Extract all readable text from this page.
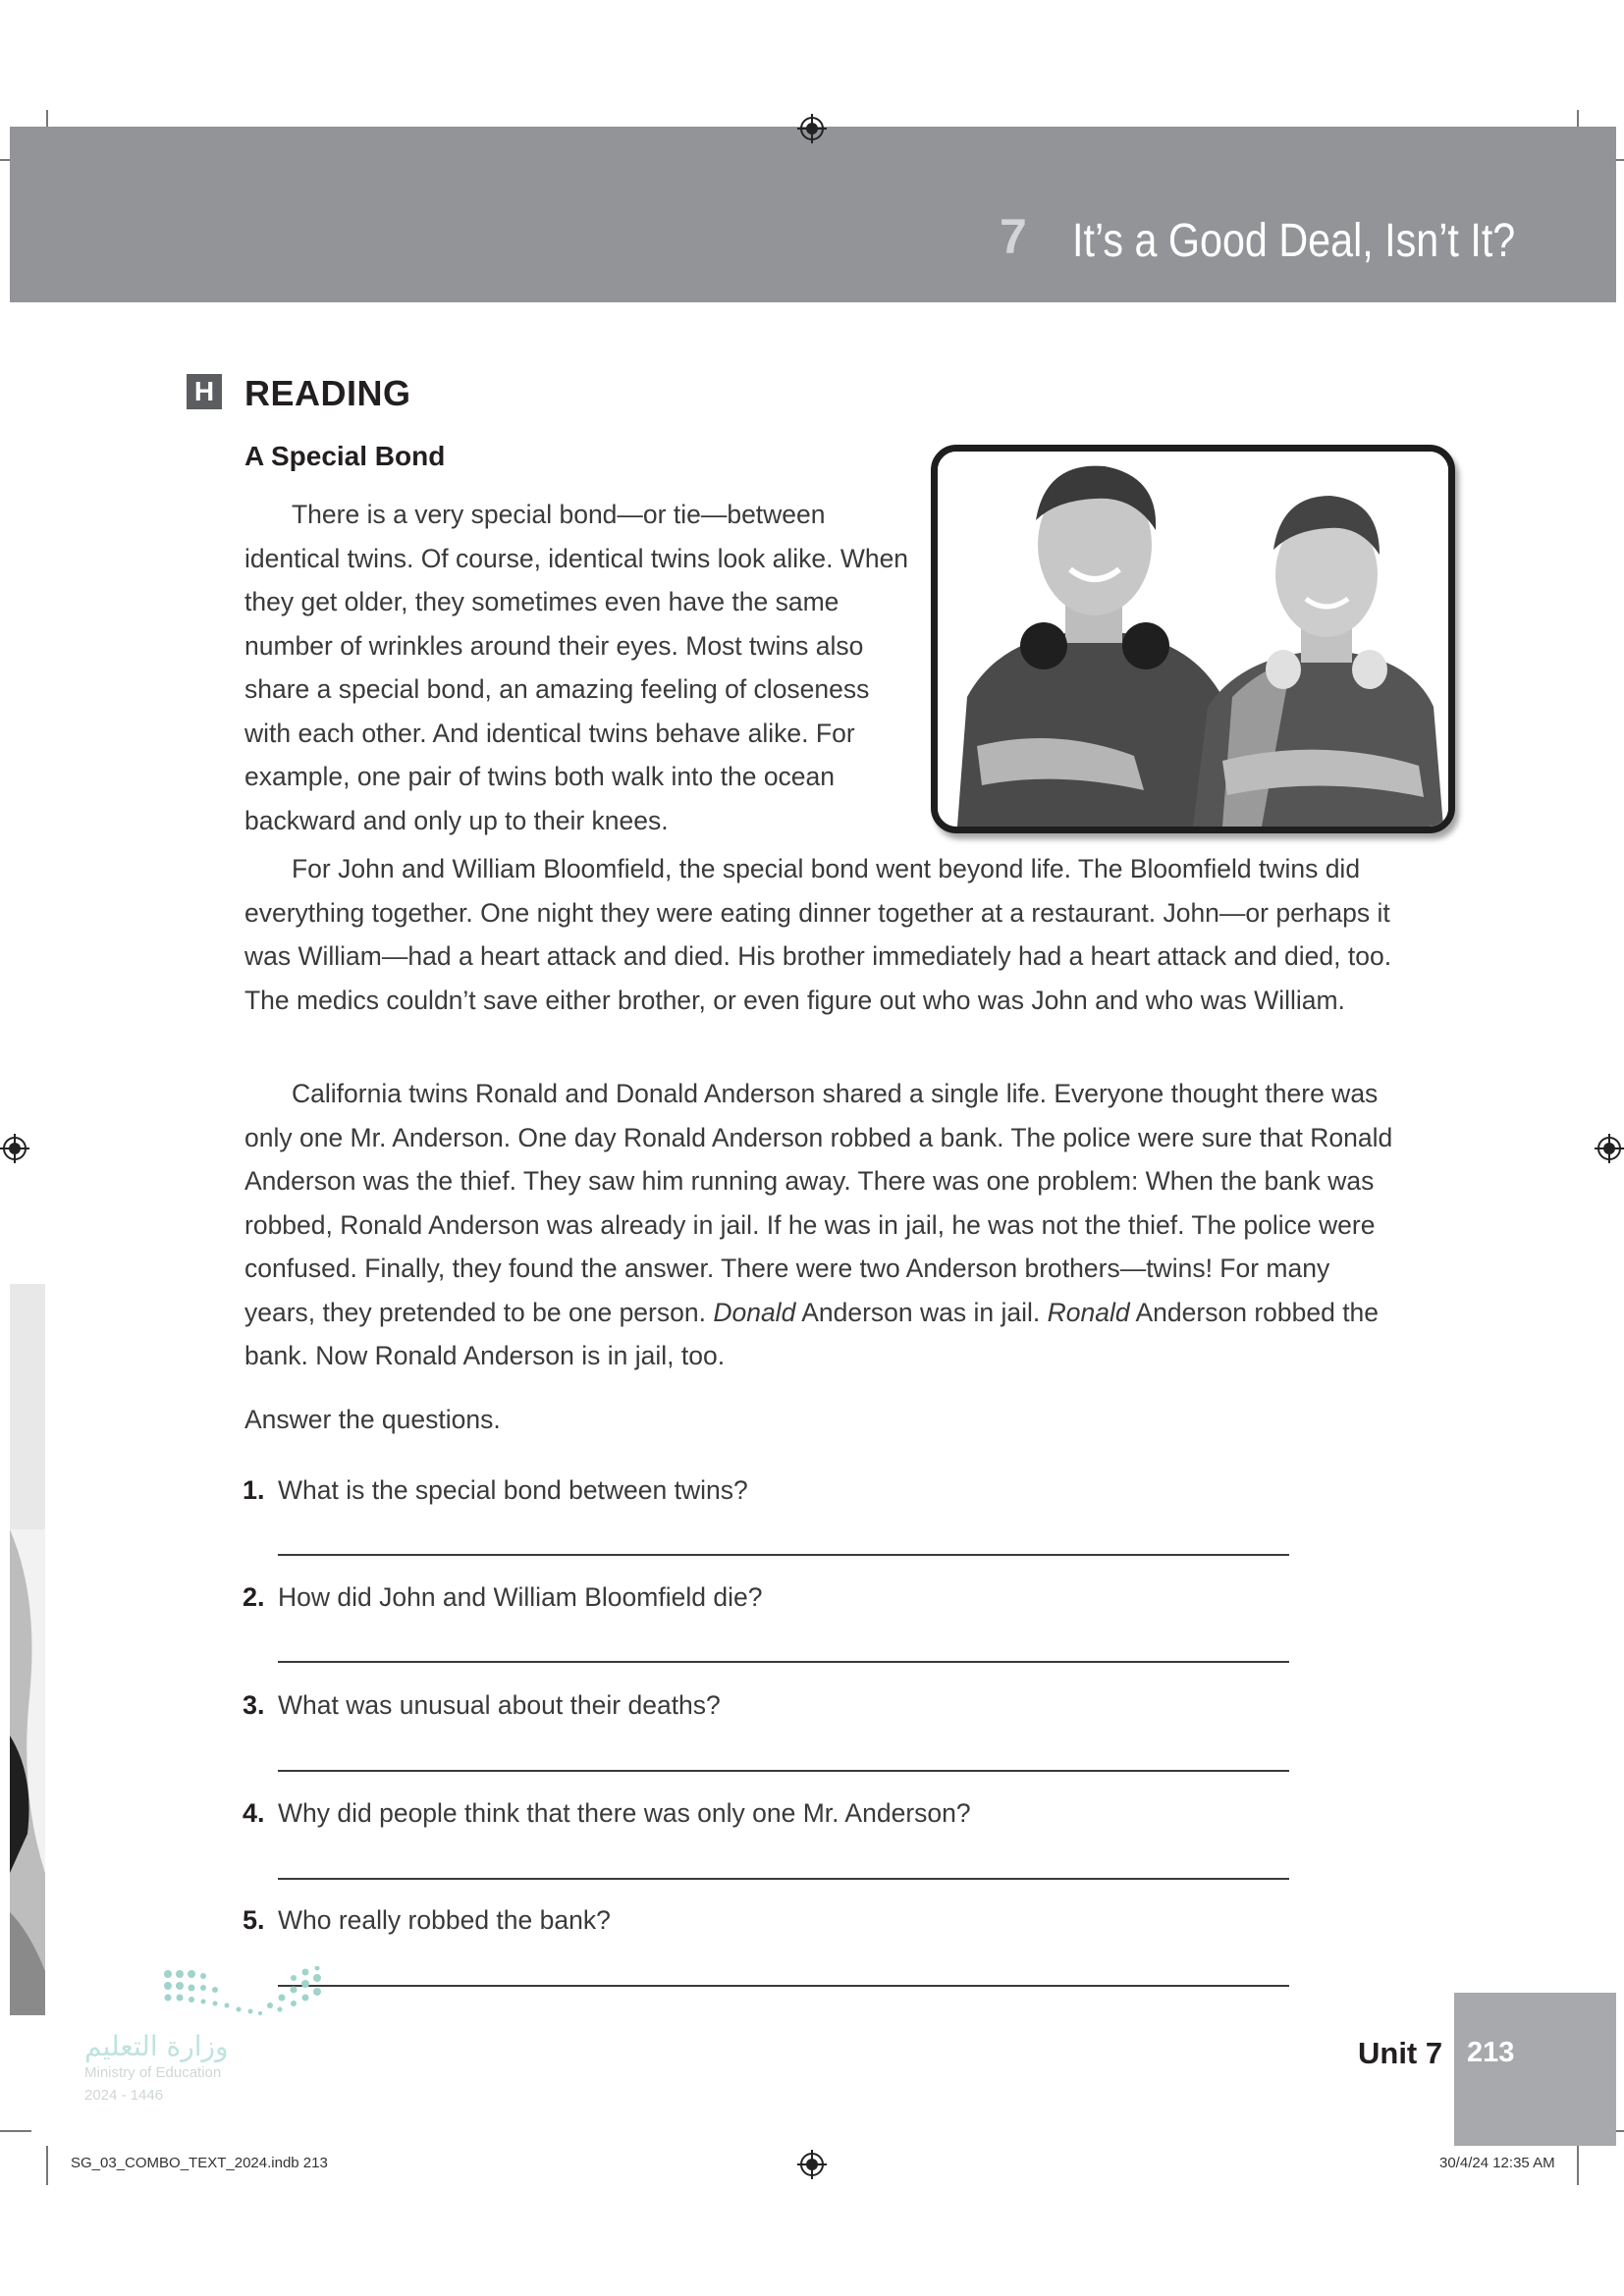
7 It’s a Good Deal, Isn’t It?
H READING
A Special Bond
There is a very special bond—or tie—between
identical twins. Of course, identical twins look alike. When
they get older, they sometimes even have the same
number of wrinkles around their eyes. Most twins also
share a special bond, an amazing feeling of closeness
with each other. And identical twins behave alike. For
example, one pair of twins both walk into the ocean
backward and only up to their knees.

For John and William Bloomfield, the special bond went beyond life. The Bloomfield twins did everything together. One night they were eating dinner together at a restaurant. John—or perhaps it was William—had a heart attack and died. His brother immediately had a heart attack and died, too. The medics couldn’t save either brother, or even figure out who was John and who was William.

California twins Ronald and Donald Anderson shared a single life. Everyone thought there was only one Mr. Anderson. One day Ronald Anderson robbed a bank. The police were sure that Ronald Anderson was the thief. They saw him running away. There was one problem: When the bank was robbed, Ronald Anderson was already in jail. If he was in jail, he was not the thief. The police were confused. Finally, they found the answer. There were two Anderson brothers—twins! For many years, they pretended to be one person. Donald Anderson was in jail. Ronald Anderson robbed the bank. Now Ronald Anderson is in jail, too.

Answer the questions.
1. What is the special bond between twins?
2. How did John and William Bloomfield die?
3. What was unusual about their deaths?
4. Why did people think that there was only one Mr. Anderson?
5. Who really robbed the bank?
وزارة التعليم
Ministry of Education
2024 - 1446
213
Unit 7
SG_03_COMBO_TEXT_2024.indb 213	30/4/24 12:35 AM
